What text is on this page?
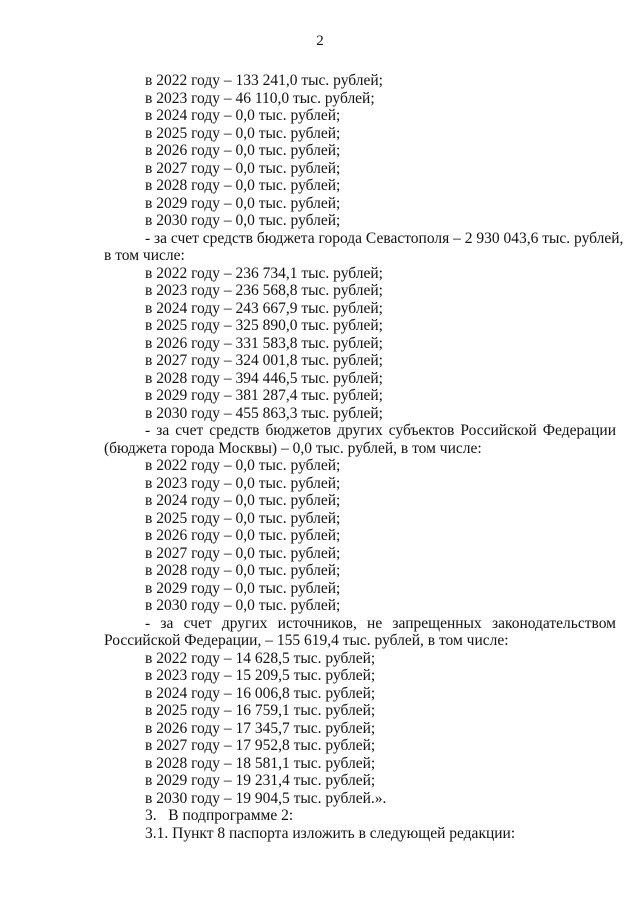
2
в 2022 году – 133 241,0 тыс. рублей;
в 2023 году – 46 110,0 тыс. рублей;
в 2024 году – 0,0 тыс. рублей;
в 2025 году – 0,0 тыс. рублей;
в 2026 году – 0,0 тыс. рублей;
в 2027 году – 0,0 тыс. рублей;
в 2028 году – 0,0 тыс. рублей;
в 2029 году – 0,0 тыс. рублей;
в 2030 году – 0,0 тыс. рублей;
- за счет средств бюджета города Севастополя – 2 930 043,6 тыс. рублей,
в том числе:
в 2022 году – 236 734,1 тыс. рублей;
в 2023 году – 236 568,8 тыс. рублей;
в 2024 году – 243 667,9 тыс. рублей;
в 2025 году – 325 890,0 тыс. рублей;
в 2026 году – 331 583,8 тыс. рублей;
в 2027 году – 324 001,8 тыс. рублей;
в 2028 году – 394 446,5 тыс. рублей;
в 2029 году – 381 287,4 тыс. рублей;
в 2030 году – 455 863,3 тыс. рублей;
- за счет средств бюджетов других субъектов Российской Федерации
(бюджета города Москвы) – 0,0 тыс. рублей, в том числе:
в 2022 году – 0,0 тыс. рублей;
в 2023 году – 0,0 тыс. рублей;
в 2024 году – 0,0 тыс. рублей;
в 2025 году – 0,0 тыс. рублей;
в 2026 году – 0,0 тыс. рублей;
в 2027 году – 0,0 тыс. рублей;
в 2028 году – 0,0 тыс. рублей;
в 2029 году – 0,0 тыс. рублей;
в 2030 году – 0,0 тыс. рублей;
- за счет других источников, не запрещенных законодательством
Российской Федерации, – 155 619,4 тыс. рублей, в том числе:
в 2022 году – 14 628,5 тыс. рублей;
в 2023 году – 15 209,5 тыс. рублей;
в 2024 году – 16 006,8 тыс. рублей;
в 2025 году – 16 759,1 тыс. рублей;
в 2026 году – 17 345,7 тыс. рублей;
в 2027 году – 17 952,8 тыс. рублей;
в 2028 году – 18 581,1 тыс. рублей;
в 2029 году – 19 231,4 тыс. рублей;
в 2030 году – 19 904,5 тыс. рублей.».
3.   В подпрограмме 2:
3.1. Пункт 8 паспорта изложить в следующей редакции:
